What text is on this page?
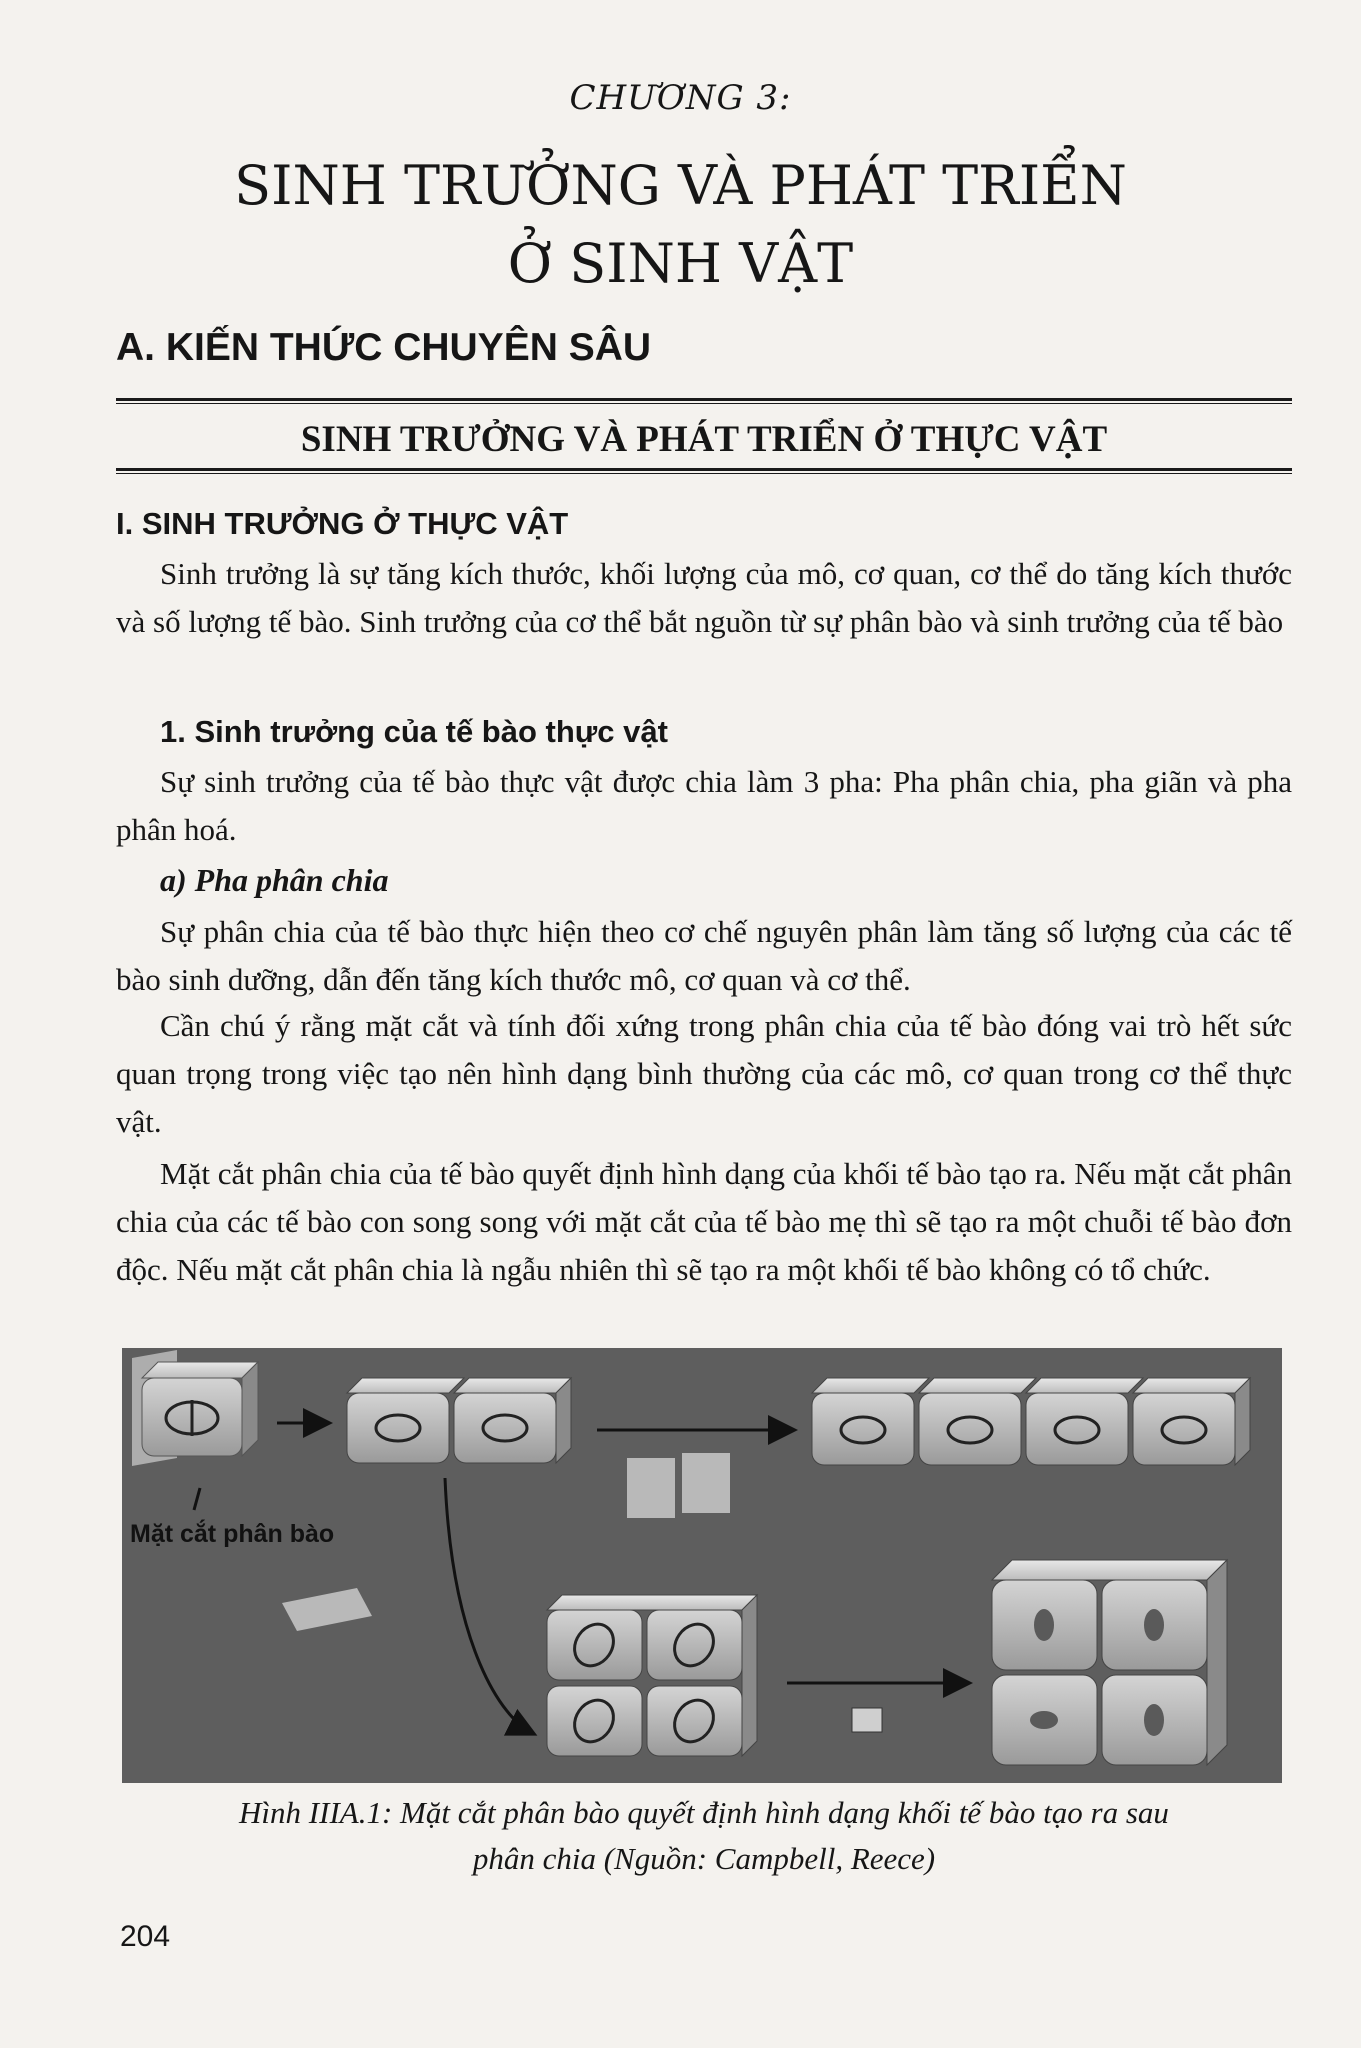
CHƯƠNG 3:
SINH TRƯỞNG VÀ PHÁT TRIỂN
Ở SINH VẬT
A. KIẾN THỨC CHUYÊN SÂU
SINH TRƯỞNG VÀ PHÁT TRIỂN Ở THỰC VẬT
I. SINH TRƯỞNG Ở THỰC VẬT

Sinh trưởng là sự tăng kích thước, khối lượng của mô, cơ quan, cơ thể do tăng kích thước và số lượng tế bào. Sinh trưởng của cơ thể bắt nguồn từ sự phân bào và sinh trưởng của tế bào

1. Sinh trưởng của tế bào thực vật

Sự sinh trưởng của tế bào thực vật được chia làm 3 pha: Pha phân chia, pha giãn và pha phân hoá.

a) Pha phân chia

Sự phân chia của tế bào thực hiện theo cơ chế nguyên phân làm tăng số lượng của các tế bào sinh dưỡng, dẫn đến tăng kích thước mô, cơ quan và cơ thể.

Cần chú ý rằng mặt cắt và tính đối xứng trong phân chia của tế bào đóng vai trò hết sức quan trọng trong việc tạo nên hình dạng bình thường của các mô, cơ quan trong cơ thể thực vật.

Mặt cắt phân chia của tế bào quyết định hình dạng của khối tế bào tạo ra. Nếu mặt cắt phân chia của các tế bào con song song với mặt cắt của tế bào mẹ thì sẽ tạo ra một chuỗi tế bào đơn độc. Nếu mặt cắt phân chia là ngẫu nhiên thì sẽ tạo ra một khối tế bào không có tổ chức.

Mặt cắt phân bào
Hình IIIA.1: Mặt cắt phân bào quyết định hình dạng khối tế bào tạo ra sau
phân chia (Nguồn: Campbell, Reece)
204
